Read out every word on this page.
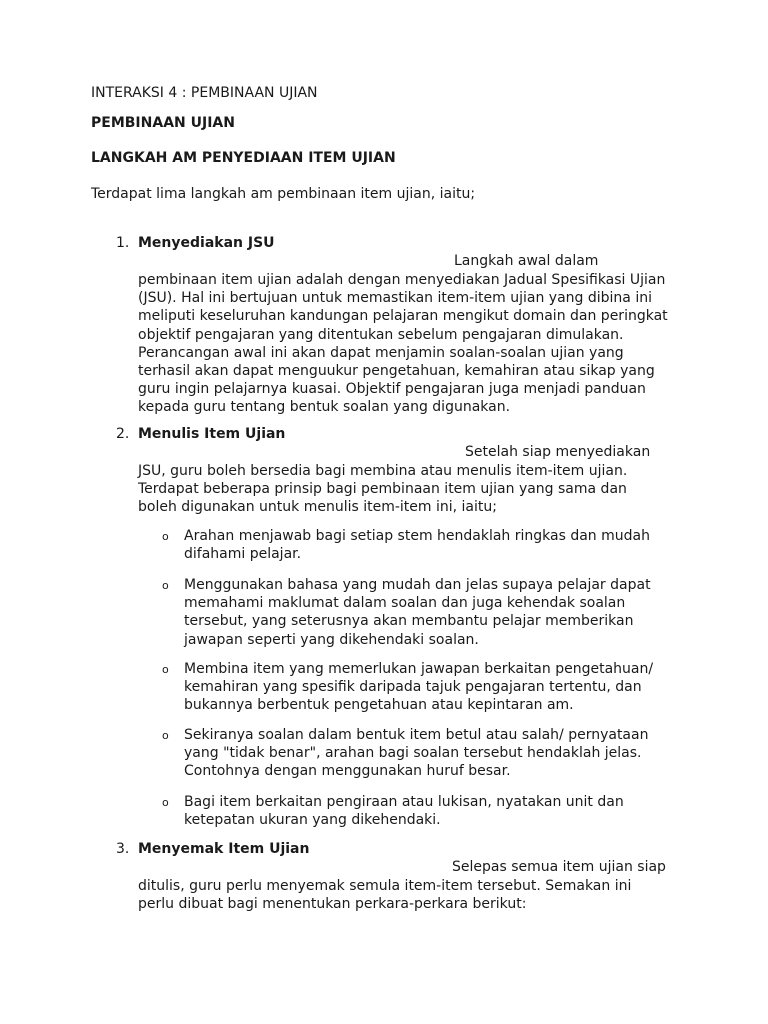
INTERAKSI 4 : PEMBINAAN UJIAN
PEMBINAAN UJIAN
LANGKAH AM PENYEDIAAN ITEM UJIAN
Terdapat lima langkah am pembinaan item ujian, iaitu;
1. Menyediakan JSU
Langkah awal dalam
pembinaan item ujian adalah dengan menyediakan Jadual Spesifikasi Ujian
(JSU). Hal ini bertujuan untuk memastikan item-item ujian yang dibina ini
meliputi keseluruhan kandungan pelajaran mengikut domain dan peringkat
objektif pengajaran yang ditentukan sebelum pengajaran dimulakan.
Perancangan awal ini akan dapat menjamin soalan-soalan ujian yang
terhasil akan dapat menguukur pengetahuan, kemahiran atau sikap yang
guru ingin pelajarnya kuasai. Objektif pengajaran juga menjadi panduan
kepada guru tentang bentuk soalan yang digunakan.
2. Menulis Item Ujian
Setelah siap menyediakan
JSU, guru boleh bersedia bagi membina atau menulis item-item ujian.
Terdapat beberapa prinsip bagi pembinaan item ujian yang sama dan
boleh digunakan untuk menulis item-item ini, iaitu;
o Arahan menjawab bagi setiap stem hendaklah ringkas dan mudah
difahami pelajar.
o Menggunakan bahasa yang mudah dan jelas supaya pelajar dapat
memahami maklumat dalam soalan dan juga kehendak soalan
tersebut, yang seterusnya akan membantu pelajar memberikan
jawapan seperti yang dikehendaki soalan.
o Membina item yang memerlukan jawapan berkaitan pengetahuan/
kemahiran yang spesifik daripada tajuk pengajaran tertentu, dan
bukannya berbentuk pengetahuan atau kepintaran am.
o Sekiranya soalan dalam bentuk item betul atau salah/ pernyataan
yang "tidak benar", arahan bagi soalan tersebut hendaklah jelas.
Contohnya dengan menggunakan huruf besar.
o Bagi item berkaitan pengiraan atau lukisan, nyatakan unit dan
ketepatan ukuran yang dikehendaki.
3. Menyemak Item Ujian
Selepas semua item ujian siap
ditulis, guru perlu menyemak semula item-item tersebut. Semakan ini
perlu dibuat bagi menentukan perkara-perkara berikut:
